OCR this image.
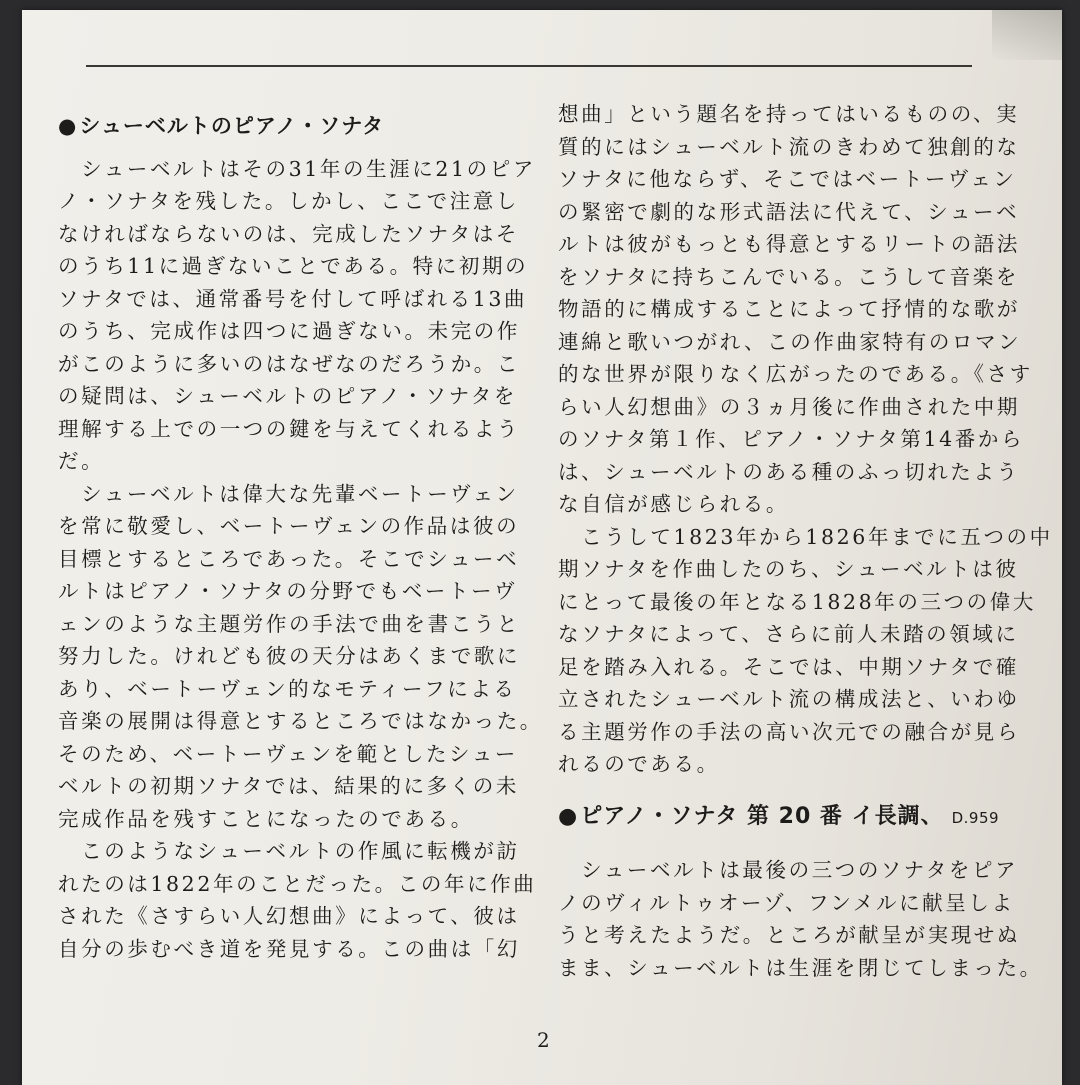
●シューベルトのピアノ・ソナタ
　シューベルトはその31年の生涯に21のピア
ノ・ソナタを残した。しかし、ここで注意し
なければならないのは、完成したソナタはそ
のうち11に過ぎないことである。特に初期の
ソナタでは、通常番号を付して呼ばれる13曲
のうち、完成作は四つに過ぎない。未完の作
がこのように多いのはなぜなのだろうか。こ
の疑問は、シューベルトのピアノ・ソナタを
理解する上での一つの鍵を与えてくれるよう
だ。
　シューベルトは偉大な先輩ベートーヴェン
を常に敬愛し、ベートーヴェンの作品は彼の
目標とするところであった。そこでシューベ
ルトはピアノ・ソナタの分野でもベートーヴ
ェンのような主題労作の手法で曲を書こうと
努力した。けれども彼の天分はあくまで歌に
あり、ベートーヴェン的なモティーフによる
音楽の展開は得意とするところではなかった。
そのため、ベートーヴェンを範としたシュー
ベルトの初期ソナタでは、結果的に多くの未
完成作品を残すことになったのである。
　このようなシューベルトの作風に転機が訪
れたのは1822年のことだった。この年に作曲
された《さすらい人幻想曲》によって、彼は
自分の歩むべき道を発見する。この曲は「幻
想曲」という題名を持ってはいるものの、実
質的にはシューベルト流のきわめて独創的な
ソナタに他ならず、そこではベートーヴェン
の緊密で劇的な形式語法に代えて、シューベ
ルトは彼がもっとも得意とするリートの語法
をソナタに持ちこんでいる。こうして音楽を
物語的に構成することによって抒情的な歌が
連綿と歌いつがれ、この作曲家特有のロマン
的な世界が限りなく広がったのである。《さす
らい人幻想曲》の３ヵ月後に作曲された中期
のソナタ第１作、ピアノ・ソナタ第14番から
は、シューベルトのある種のふっ切れたよう
な自信が感じられる。
　こうして1823年から1826年までに五つの中
期ソナタを作曲したのち、シューベルトは彼
にとって最後の年となる1828年の三つの偉大
なソナタによって、さらに前人未踏の領域に
足を踏み入れる。そこでは、中期ソナタで確
立されたシューベルト流の構成法と、いわゆ
る主題労作の手法の高い次元での融合が見ら
れるのである。
●ピアノ・ソナタ 第 20 番 イ長調、 D.959
　シューベルトは最後の三つのソナタをピア
ノのヴィルトゥオーゾ、フンメルに献呈しよ
うと考えたようだ。ところが献呈が実現せぬ
まま、シューベルトは生涯を閉じてしまった。
2
